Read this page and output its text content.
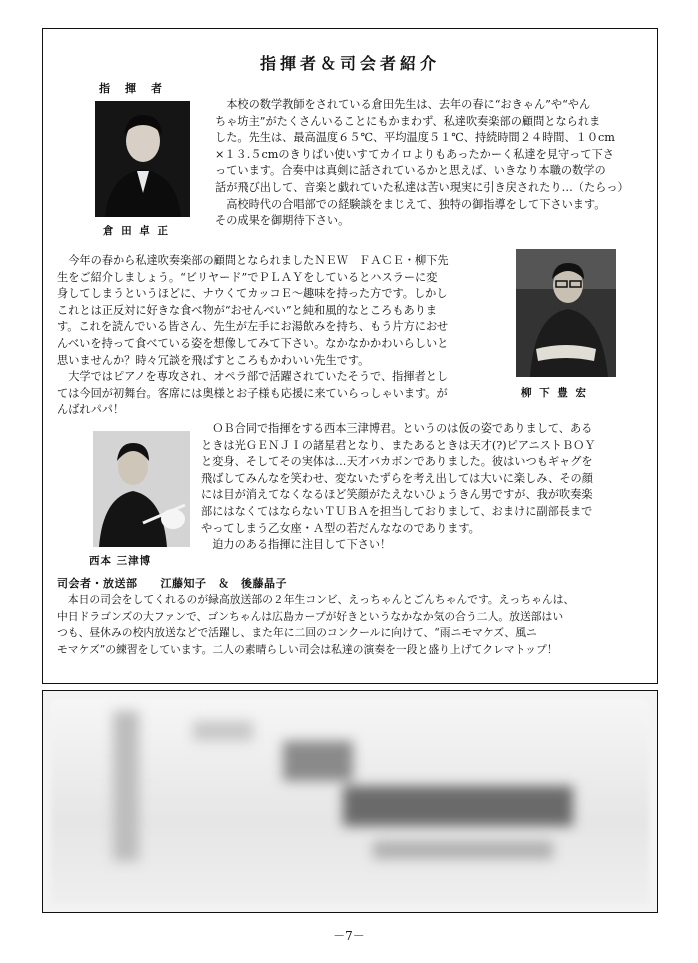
指揮者＆司会者紹介
指　揮　者
倉 田 卓 正
本校の数学教師をされている倉田先生は、去年の春に“おきゃん”や“やん
ちゃ坊主”がたくさんいることにもかまわず、私達吹奏楽部の顧問となられま
した。先生は、最高温度６５℃、平均温度５１℃、持続時間２４時間、１０cm
×１３.５cmのきりぱい使いすてカイロよりもあったかーく私達を見守って下さ
っています。合奏中は真剣に話されているかと思えば、いきなり本職の数学の
話が飛び出して、音楽と戯れていた私達は苦い現実に引き戻されたり…（たらっ）
高校時代の合唱部での経験談をまじえて、独特の御指導をして下さいます。
その成果を御期待下さい。
今年の春から私達吹奏楽部の顧問となられましたＮＥＷ　ＦＡＣＥ・柳下先
生をご紹介しましょう。“ビリヤード”でＰＬＡＹをしているとハスラーに変
身してしまうというほどに、ナウくてカッコＥ～趣味を持った方です。しかし
これとは正反対に好きな食べ物が“おせんべい”と純和風的なところもありま
す。これを読んでいる皆さん、先生が左手にお湯飲みを持ち、もう片方におせ
んべいを持って食べている姿を想像してみて下さい。なかなかかわいらしいと
思いませんか？時々冗談を飛ばすところもかわいい先生です。
大学ではピアノを専攻され、オペラ部で活躍されていたそうで、指揮者とし
ては今回が初舞台。客席には奥様とお子様も応援に来ていらっしゃいます。が
んばれパパ！
柳 下 豊 宏
西本 三津博
ＯＢ合同で指揮をする西本三津博君。というのは仮の姿でありまして、ある
ときは光ＧＥＮＪＩの諸星君となり、またあるときは天才(?)ピアニストＢＯＹ
と変身、そしてその実体は…天才バカボンでありました。彼はいつもギャグを
飛ばしてみんなを笑わせ、変ないたずらを考え出しては大いに楽しみ、その顔
には目が消えてなくなるほど笑顔がたえないひょうきん男ですが、我が吹奏楽
部にはなくてはならないＴＵＢＡを担当しておりまして、おまけに副部長まで
やってしまう乙女座・Ａ型の若だんななのであります。
迫力のある指揮に注目して下さい！
司会者・放送部　　江藤知子　＆　後藤晶子
本日の司会をしてくれるのが緑高放送部の２年生コンビ、えっちゃんとごんちゃんです。えっちゃんは、
中日ドラゴンズの大ファンで、ゴンちゃんは広島カープが好きというなかなか気の合う二人。放送部はい
つも、昼休みの校内放送などで活躍し、また年に二回のコンクールに向けて、“雨ニモマケズ、風ニ
モマケズ”の練習をしています。二人の素晴らしい司会は私達の演奏を一段と盛り上げてクレマトップ！
－7－
